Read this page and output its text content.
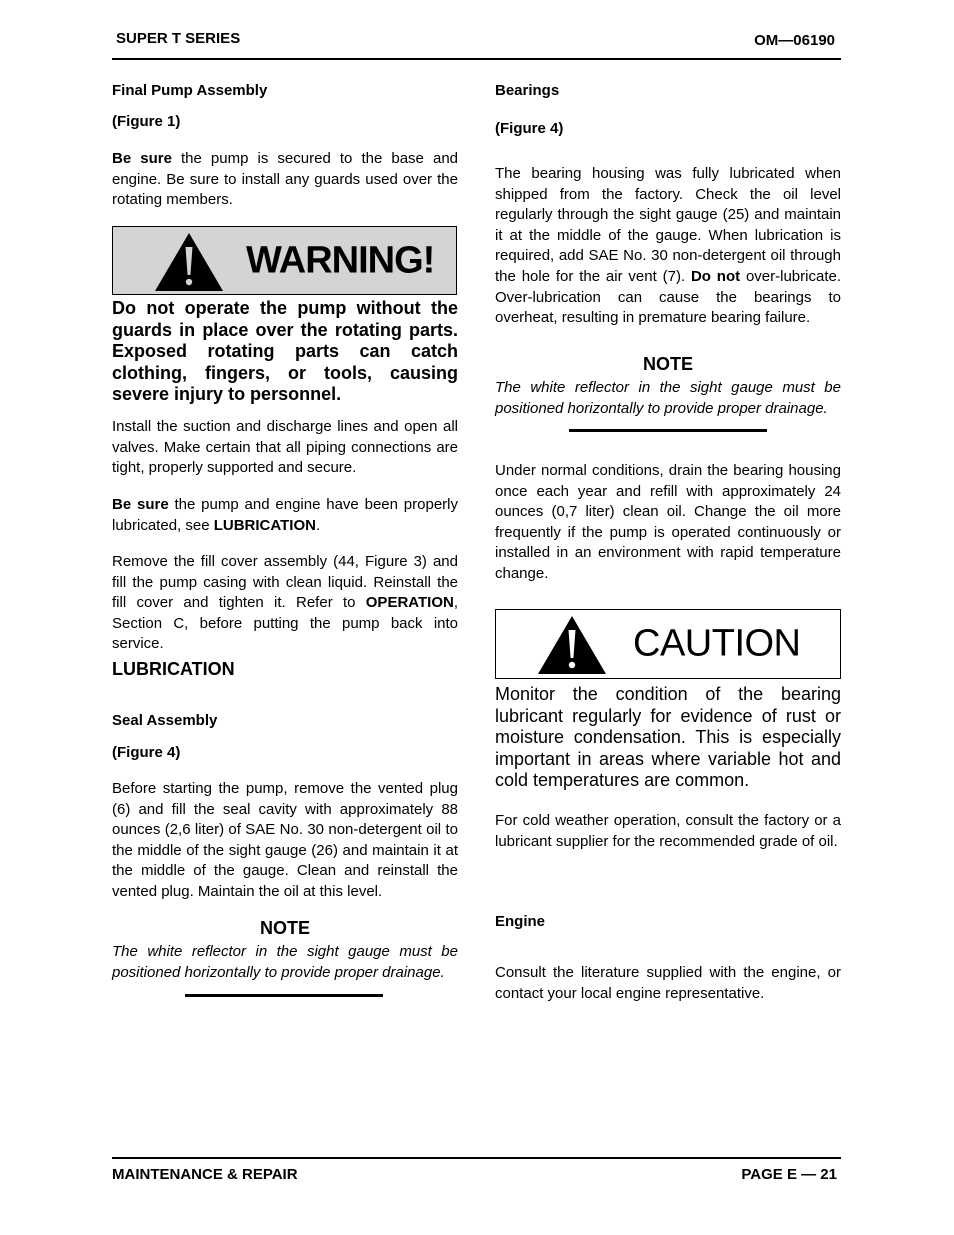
SUPER T SERIES	OM—06190

Final Pump Assembly

(Figure 1)

Be sure the pump is secured to the base and engine. Be sure to install any guards used over the rotating members.

WARNING!

Do not operate the pump without the guards in place over the rotating parts. Exposed rotating parts can catch clothing, fingers, or tools, causing severe injury to personnel.

Install the suction and discharge lines and open all valves. Make certain that all piping connections are tight, properly supported and secure.

Be sure the pump and engine have been properly lubricated, see LUBRICATION.

Remove the fill cover assembly (44, Figure 3) and fill the pump casing with clean liquid. Reinstall the fill cover and tighten it. Refer to OPERATION, Section C, before putting the pump back into service.

LUBRICATION

Seal Assembly

(Figure 4)

Before starting the pump, remove the vented plug (6) and fill the seal cavity with approximately 88 ounces (2,6 liter) of SAE No. 30 non-detergent oil to the middle of the sight gauge (26) and maintain it at the middle of the gauge. Clean and reinstall the vented plug. Maintain the oil at this level.

NOTE

The white reflector in the sight gauge must be positioned horizontally to provide proper drainage.

Bearings

(Figure 4)

The bearing housing was fully lubricated when shipped from the factory. Check the oil level regularly through the sight gauge (25) and maintain it at the middle of the gauge. When lubrication is required, add SAE No. 30 non-detergent oil through the hole for the air vent (7). Do not over-lubricate. Over-lubrication can cause the bearings to overheat, resulting in premature bearing failure.

NOTE

The white reflector in the sight gauge must be positioned horizontally to provide proper drainage.

Under normal conditions, drain the bearing housing once each year and refill with approximately 24 ounces (0,7 liter) clean oil. Change the oil more frequently if the pump is operated continuously or installed in an environment with rapid temperature change.

CAUTION

Monitor the condition of the bearing lubricant regularly for evidence of rust or moisture condensation. This is especially important in areas where variable hot and cold temperatures are common.

For cold weather operation, consult the factory or a lubricant supplier for the recommended grade of oil.

Engine

Consult the literature supplied with the engine, or contact your local engine representative.

MAINTENANCE & REPAIR	PAGE E — 21
